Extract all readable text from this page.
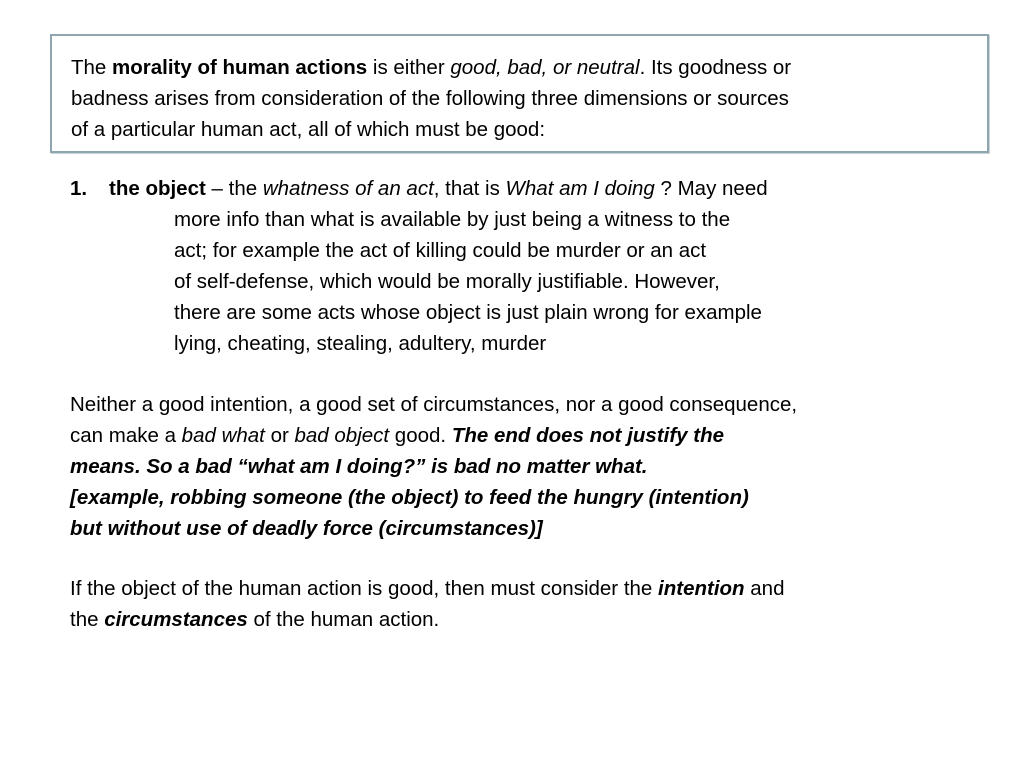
The morality of human actions is either good, bad, or neutral. Its goodness or
badness arises from consideration of the following three dimensions or sources
of a particular human act, all of which must be good:

1. the object – the whatness of an act, that is What am I doing ? May need
more info than what is available by just being a witness to the
act; for example the act of killing could be murder or an act
of self-defense, which would be morally justifiable. However,
there are some acts whose object is just plain wrong for example
lying, cheating, stealing, adultery, murder

Neither a good intention, a good set of circumstances, nor a good consequence,
can make a bad what or bad object good. The end does not justify the
means. So a bad “what am I doing?” is bad no matter what.
[example, robbing someone (the object) to feed the hungry (intention)
but without use of deadly force (circumstances)]

If the object of the human action is good, then must consider the intention and
the circumstances of the human action.
